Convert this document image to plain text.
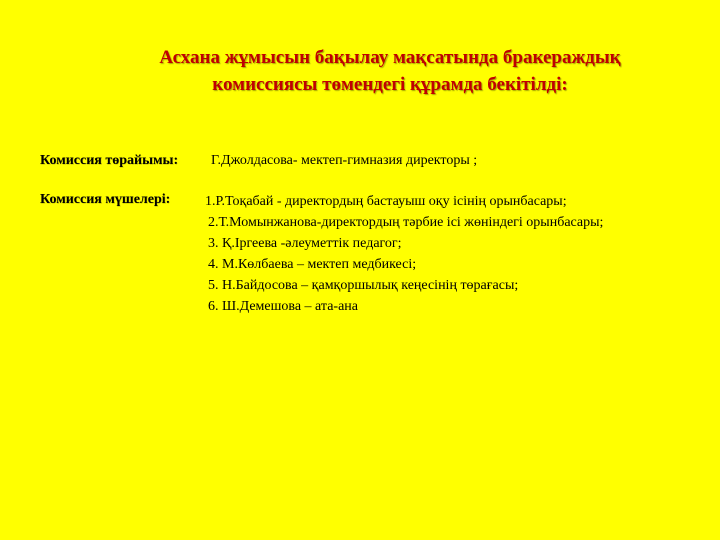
Асхана жұмысын бақылау мақсатында бракераждық
комиссиясы төмендегі құрамда бекітілді:
Комиссия төрайымы: Г.Джолдасова- мектеп-гимназия директоры ;
Комиссия мүшелері: 1.Р.Тоқабай - директордың бастауыш оқу ісінің орынбасары;
2.Т.Момынжанова-директордың тәрбие ісі жөніндегі орынбасары;
3. Қ.Іргеева -әлеуметтік педагог;
4. М.Көлбаева – мектеп медбикесі;
5. Н.Байдосова – қамқоршылық кеңесінің төрағасы;
6. Ш.Демешова – ата-ана
